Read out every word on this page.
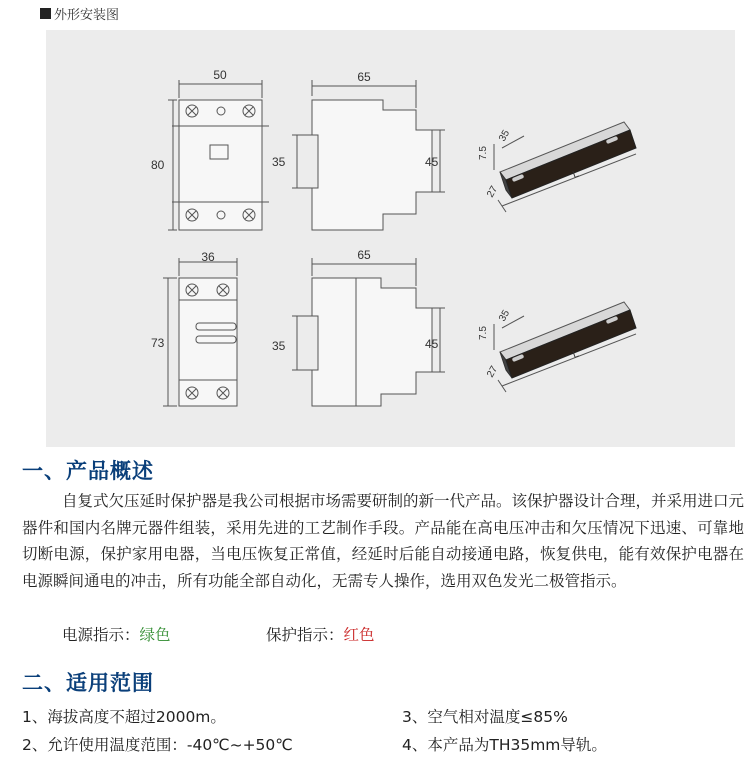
外形安装图
50
80
65
35	45
36
73
65
35	45
7.5
35
27
L
7.5
35
27
L
一、产品概述
自复式欠压延时保护器是我公司根据市场需要研制的新一代产品。该保护器设计合理，并采用进口元器件和国内名牌元器件组装，采用先进的工艺制作手段。产品能在高电压冲击和欠压情况下迅速、可靠地切断电源，保护家用电器，当电压恢复正常值，经延时后能自动接通电路，恢复供电，能有效保护电器在电源瞬间通电的冲击，所有功能全部自动化，无需专人操作，选用双色发光二极管指示。
电源指示：绿色	保护指示：红色
二、适用范围
1、海拔高度不超过2000m。
2、允许使用温度范围：-40℃~+50℃
3、空气相对温度≤85%
4、本产品为TH35mm导轨。
